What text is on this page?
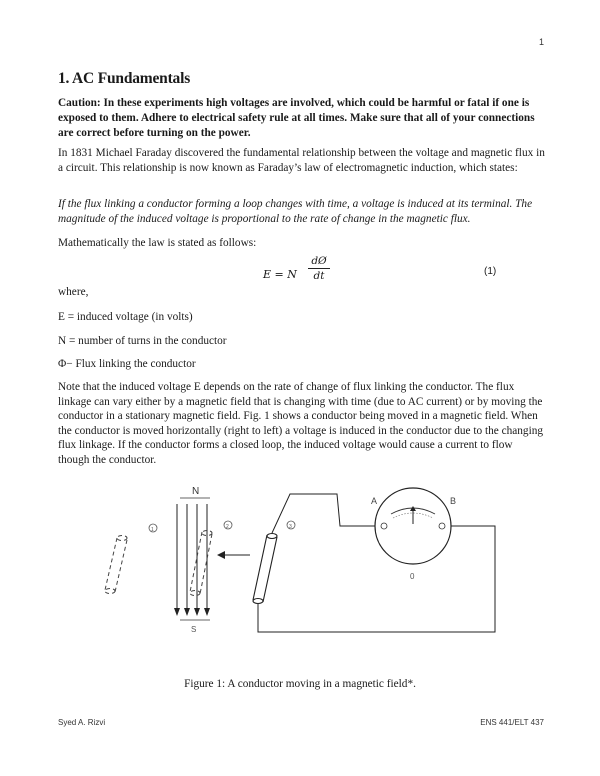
1
1. AC Fundamentals
Caution: In these experiments high voltages are involved, which could be harmful or fatal if one is exposed to them. Adhere to electrical safety rule at all times. Make sure that all of your connections are correct before turning on the power.
In 1831 Michael Faraday discovered the fundamental relationship between the voltage and magnetic flux in a circuit. This relationship is now known as Faraday’s law of electromagnetic induction, which states:
If the flux linking a conductor forming a loop changes with time, a voltage is induced at its terminal. The magnitude of the induced voltage is proportional to the rate of change in the magnetic flux.
Mathematically the law is stated as follows:
E = N
dØ
dt	(1)
where,
E = induced voltage (in volts)
N = number of turns in the conductor
Φ− Flux linking the conductor
Note that the induced voltage E depends on the rate of change of flux linking the conductor. The flux linkage can vary either by a magnetic field that is changing with time (due to AC current) or by moving the conductor in a stationary magnetic field. Fig. 1 shows a conductor being moved in a magnetic field. When the conductor is moved horizontally (right to left) a voltage is induced in the conductor due to the changing flux linkage. If the conductor forms a closed loop, the induced voltage would cause a current to flow though the conductor.
N
S
1	2	3
A	B
0
Figure 1: A conductor moving in a magnetic field*.
Syed A. Rizvi	ENS 441/ELT 437
